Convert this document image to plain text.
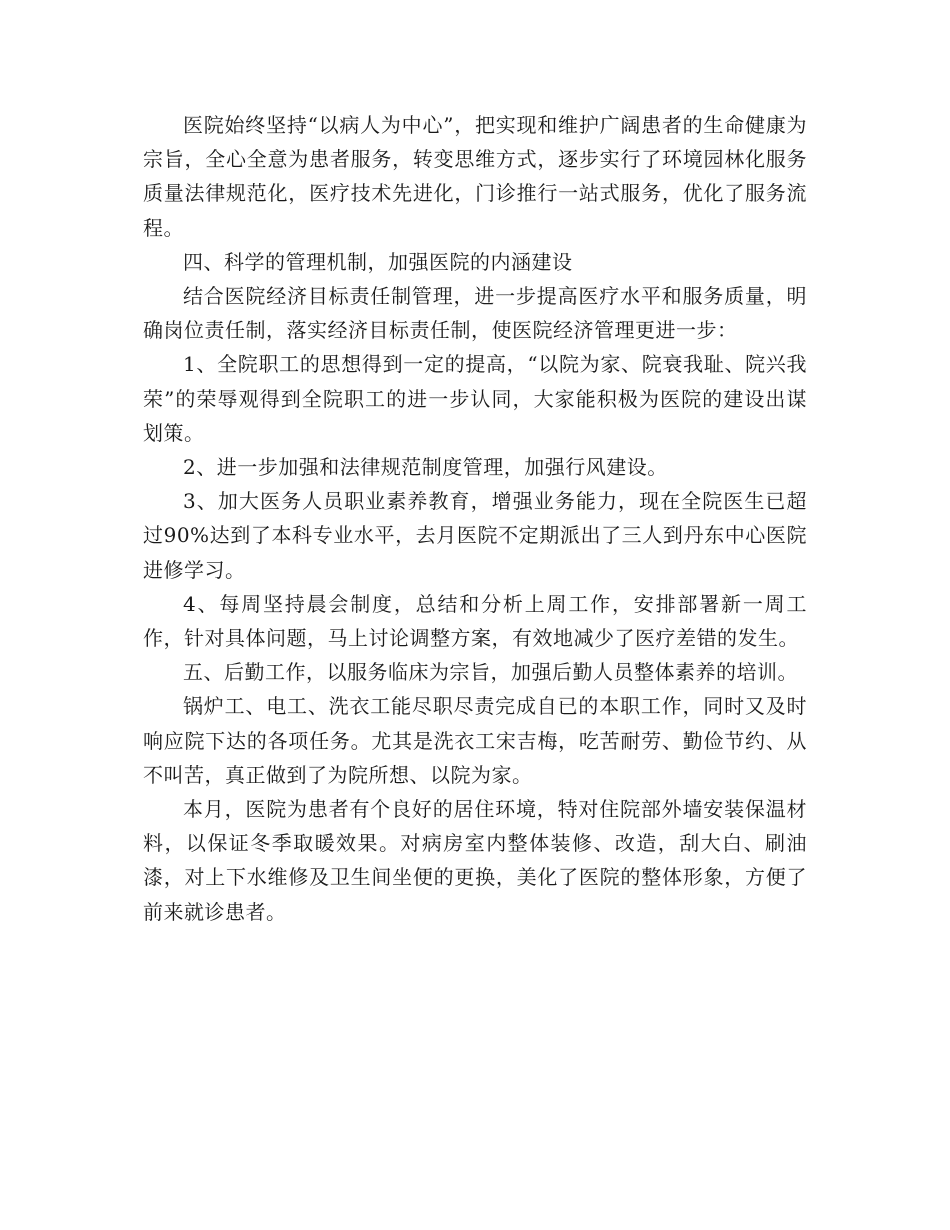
医院始终坚持“以病人为中心”，把实现和维护广阔患者的生命健康为宗旨，全心全意为患者服务，转变思维方式，逐步实行了环境园林化服务质量法律规范化，医疗技术先进化，门诊推行一站式服务，优化了服务流程。

四、科学的管理机制，加强医院的内涵建设

结合医院经济目标责任制管理，进一步提高医疗水平和服务质量，明确岗位责任制，落实经济目标责任制，使医院经济管理更进一步：

1、全院职工的思想得到一定的提高，“以院为家、院衰我耻、院兴我荣”的荣辱观得到全院职工的进一步认同，大家能积极为医院的建设出谋划策。

2、进一步加强和法律规范制度管理，加强行风建设。

3、加大医务人员职业素养教育，增强业务能力，现在全院医生已超过90%达到了本科专业水平，去月医院不定期派出了三人到丹东中心医院进修学习。

4、每周坚持晨会制度，总结和分析上周工作，安排部署新一周工作，针对具体问题，马上讨论调整方案，有效地减少了医疗差错的发生。

五、后勤工作，以服务临床为宗旨，加强后勤人员整体素养的培训。

锅炉工、电工、洗衣工能尽职尽责完成自已的本职工作，同时又及时响应院下达的各项任务。尤其是洗衣工宋吉梅，吃苦耐劳、勤俭节约、从不叫苦，真正做到了为院所想、以院为家。

本月，医院为患者有个良好的居住环境，特对住院部外墙安装保温材料，以保证冬季取暖效果。对病房室内整体装修、改造，刮大白、刷油漆，对上下水维修及卫生间坐便的更换，美化了医院的整体形象，方便了前来就诊患者。
